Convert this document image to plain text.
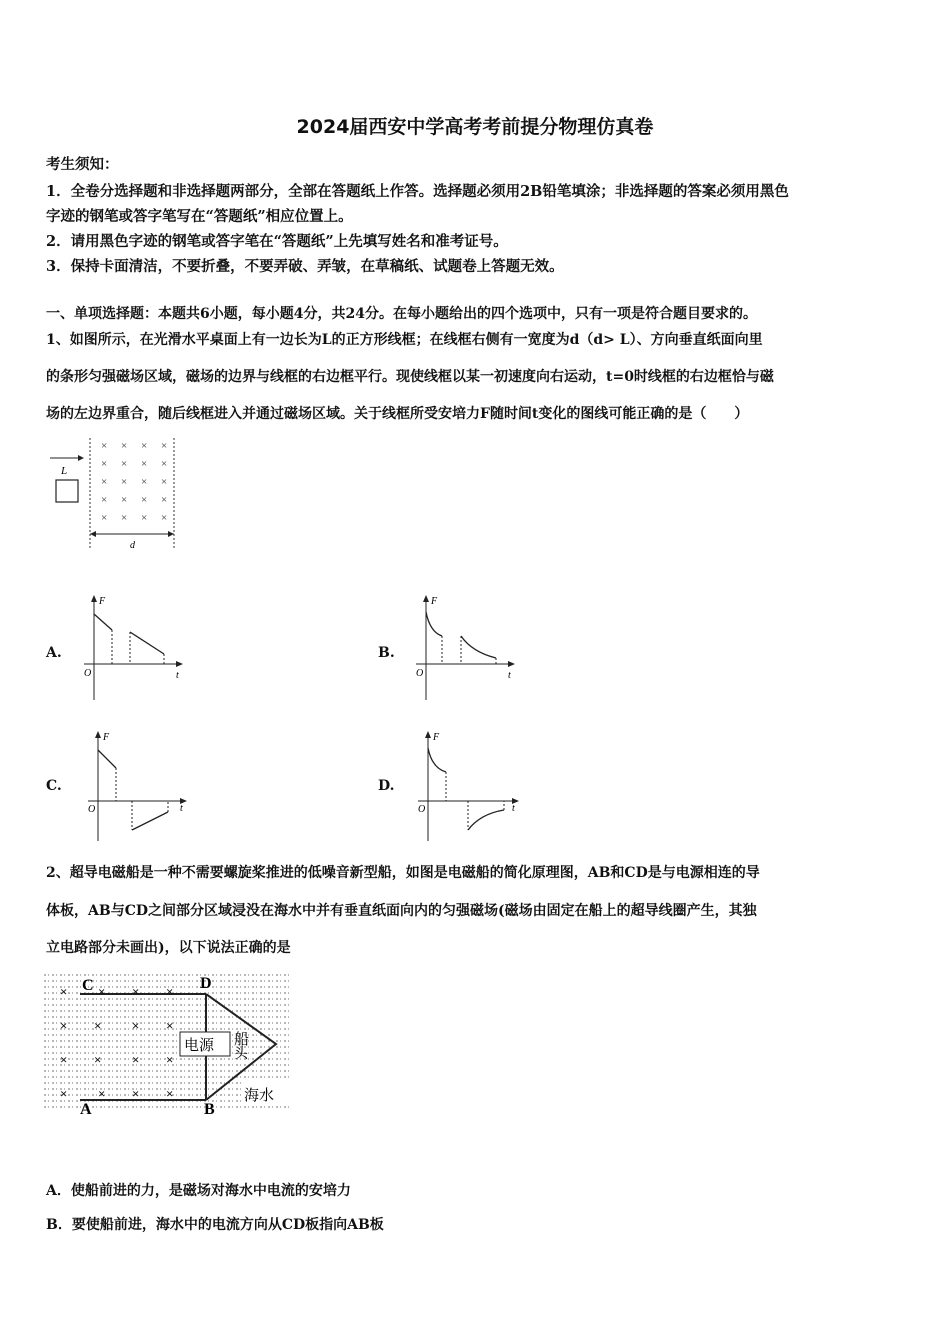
2024届西安中学高考考前提分物理仿真卷
考生须知：
1．全卷分选择题和非选择题两部分，全部在答题纸上作答。选择题必须用2B铅笔填涂；非选择题的答案必须用黑色
字迹的钢笔或答字笔写在“答题纸”相应位置上。
2．请用黑色字迹的钢笔或答字笔在“答题纸”上先填写姓名和准考证号。
3．保持卡面清洁，不要折叠，不要弄破、弄皱，在草稿纸、试题卷上答题无效。
一、单项选择题：本题共6小题，每小题4分，共24分。在每小题给出的四个选项中，只有一项是符合题目要求的。
1、如图所示，在光滑水平桌面上有一边长为L的正方形线框；在线框右侧有一宽度为d（d> L）、方向垂直纸面向里
的条形匀强磁场区域，磁场的边界与线框的右边框平行。现使线框以某一初速度向右运动，t=0时线框的右边框恰与磁
场的左边界重合，随后线框进入并通过磁场区域。关于线框所受安培力F随时间t变化的图线可能正确的是（　　）
L
× × × ×
× × × ×
× × × ×
× × × ×
× × × ×
d
A.	B.
C.	D.
F
t
O
F
t
O
F
t
O
F
t
O
2、超导电磁船是一种不需要螺旋桨推进的低噪音新型船，如图是电磁船的简化原理图，AB和CD是与电源相连的导
体板，AB与CD之间部分区域浸没在海水中并有垂直纸面向内的匀强磁场(磁场由固定在船上的超导线圈产生，其独
立电路部分未画出)，以下说法正确的是
电源 船
头
海水
C	D
A	B
× × × ×
× × × ×
× × × ×
× × × ×
A．使船前进的力，是磁场对海水中电流的安培力
B．要使船前进，海水中的电流方向从CD板指向AB板
